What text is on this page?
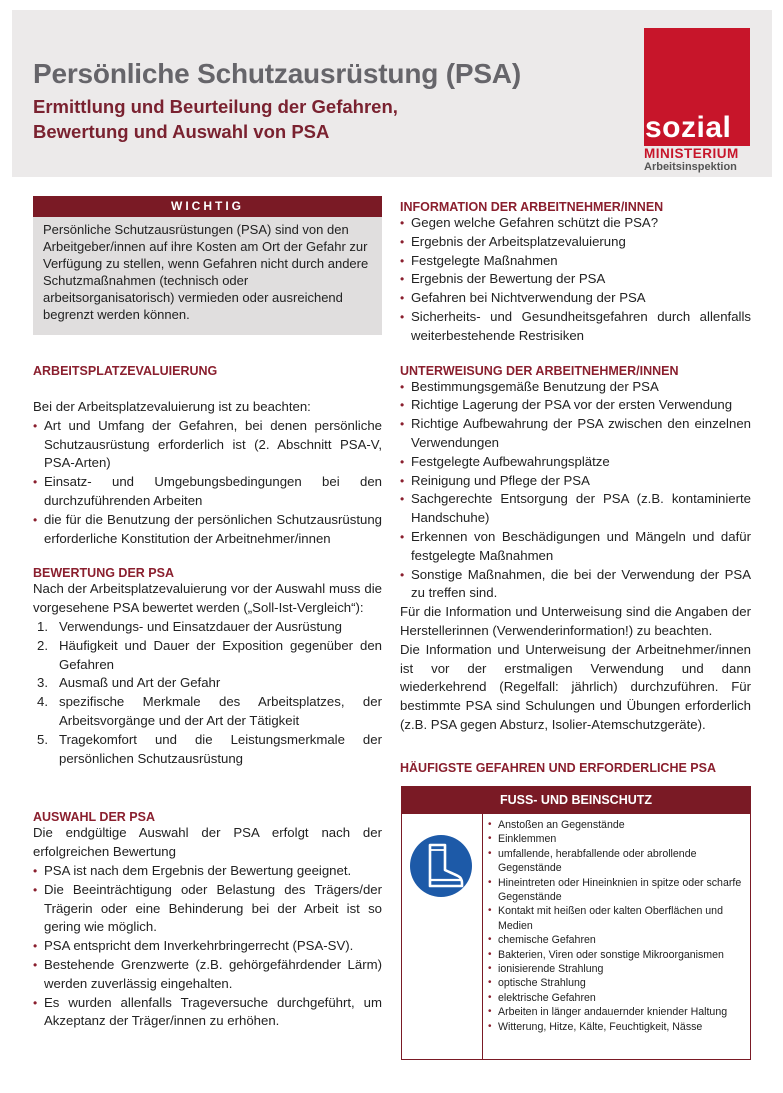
Persönliche Schutzausrüstung (PSA)
Ermittlung und Beurteilung der Gefahren,
Bewertung und Auswahl von PSA	sozial
MINISTERIUM
Arbeitsinspektion
WICHTIG
Persönliche Schutzausrüstungen (PSA) sind von den Arbeitgeber/innen auf ihre Kosten am Ort der Gefahr zur Verfügung zu stellen, wenn Gefahren nicht durch andere Schutzmaßnahmen (technisch oder arbeitsorganisatorisch) vermieden oder ausreichend begrenzt werden können.
ARBEITSPLATZEVALUIERUNG
Bei der Arbeitsplatzevaluierung ist zu beachten:
• Art und Umfang der Gefahren, bei denen persönliche Schutzausrüstung erforderlich ist (2. Abschnitt PSA-V, PSA-Arten)
• Einsatz- und Umgebungsbedingungen bei den durchzuführenden Arbeiten
• die für die Benutzung der persönlichen Schutzausrüstung erforderliche Konstitution der Arbeitnehmer/innen
BEWERTUNG DER PSA
Nach der Arbeitsplatzevaluierung vor der Auswahl muss die vorgesehene PSA bewertet werden („Soll-Ist-Vergleich“):
1. Verwendungs- und Einsatzdauer der Ausrüstung
2. Häufigkeit und Dauer der Exposition gegenüber den Gefahren
3. Ausmaß und Art der Gefahr
4. spezifische Merkmale des Arbeitsplatzes, der Arbeitsvorgänge und der Art der Tätigkeit
5. Tragekomfort und die Leistungsmerkmale der persönlichen Schutzausrüstung
AUSWAHL DER PSA
Die endgültige Auswahl der PSA erfolgt nach der erfolgreichen Bewertung
• PSA ist nach dem Ergebnis der Bewertung geeignet.
• Die Beeinträchtigung oder Belastung des Trägers/der Trägerin oder eine Behinderung bei der Arbeit ist so gering wie möglich.
• PSA entspricht dem Inverkehrbringerrecht (PSA-SV).
• Bestehende Grenzwerte (z.B. gehörgefährdender Lärm) werden zuverlässig eingehalten.
• Es wurden allenfalls Trageversuche durchgeführt, um Akzeptanz der Träger/innen zu erhöhen.
INFORMATION DER ARBEITNEHMER/INNEN
• Gegen welche Gefahren schützt die PSA?
• Ergebnis der Arbeitsplatzevaluierung
• Festgelegte Maßnahmen
• Ergebnis der Bewertung der PSA
• Gefahren bei Nichtverwendung der PSA
• Sicherheits- und Gesundheitsgefahren durch allenfalls weiterbestehende Restrisiken
UNTERWEISUNG DER ARBEITNEHMER/INNEN
• Bestimmungsgemäße Benutzung der PSA
• Richtige Lagerung der PSA vor der ersten Verwendung
• Richtige Aufbewahrung der PSA zwischen den einzelnen Verwendungen
• Festgelegte Aufbewahrungsplätze
• Reinigung und Pflege der PSA
• Sachgerechte Entsorgung der PSA (z.B. kontaminierte Handschuhe)
• Erkennen von Beschädigungen und Mängeln und dafür festgelegte Maßnahmen
• Sonstige Maßnahmen, die bei der Verwendung der PSA zu treffen sind.
Für die Information und Unterweisung sind die Angaben der Herstellerinnen (Verwenderinformation!) zu beachten.
Die Information und Unterweisung der Arbeitnehmer/innen ist vor der erstmaligen Verwendung und dann wiederkehrend (Regelfall: jährlich) durchzuführen. Für bestimmte PSA sind Schulungen und Übungen erforderlich (z.B. PSA gegen Absturz, Isolier-Atemschutzgeräte).
HÄUFIGSTE GEFAHREN UND ERFORDERLICHE PSA
FUSS- UND BEINSCHUTZ
• Anstoßen an Gegenstände
• Einklemmen
• umfallende, herabfallende oder abrollende Gegenstände
• Hineintreten oder Hineinknien in spitze oder scharfe Gegenstände
• Kontakt mit heißen oder kalten Oberflächen und Medien
• chemische Gefahren
• Bakterien, Viren oder sonstige Mikroorganismen
• ionisierende Strahlung
• optische Strahlung
• elektrische Gefahren
• Arbeiten in länger andauernder kniender Haltung
• Witterung, Hitze, Kälte, Feuchtigkeit, Nässe
